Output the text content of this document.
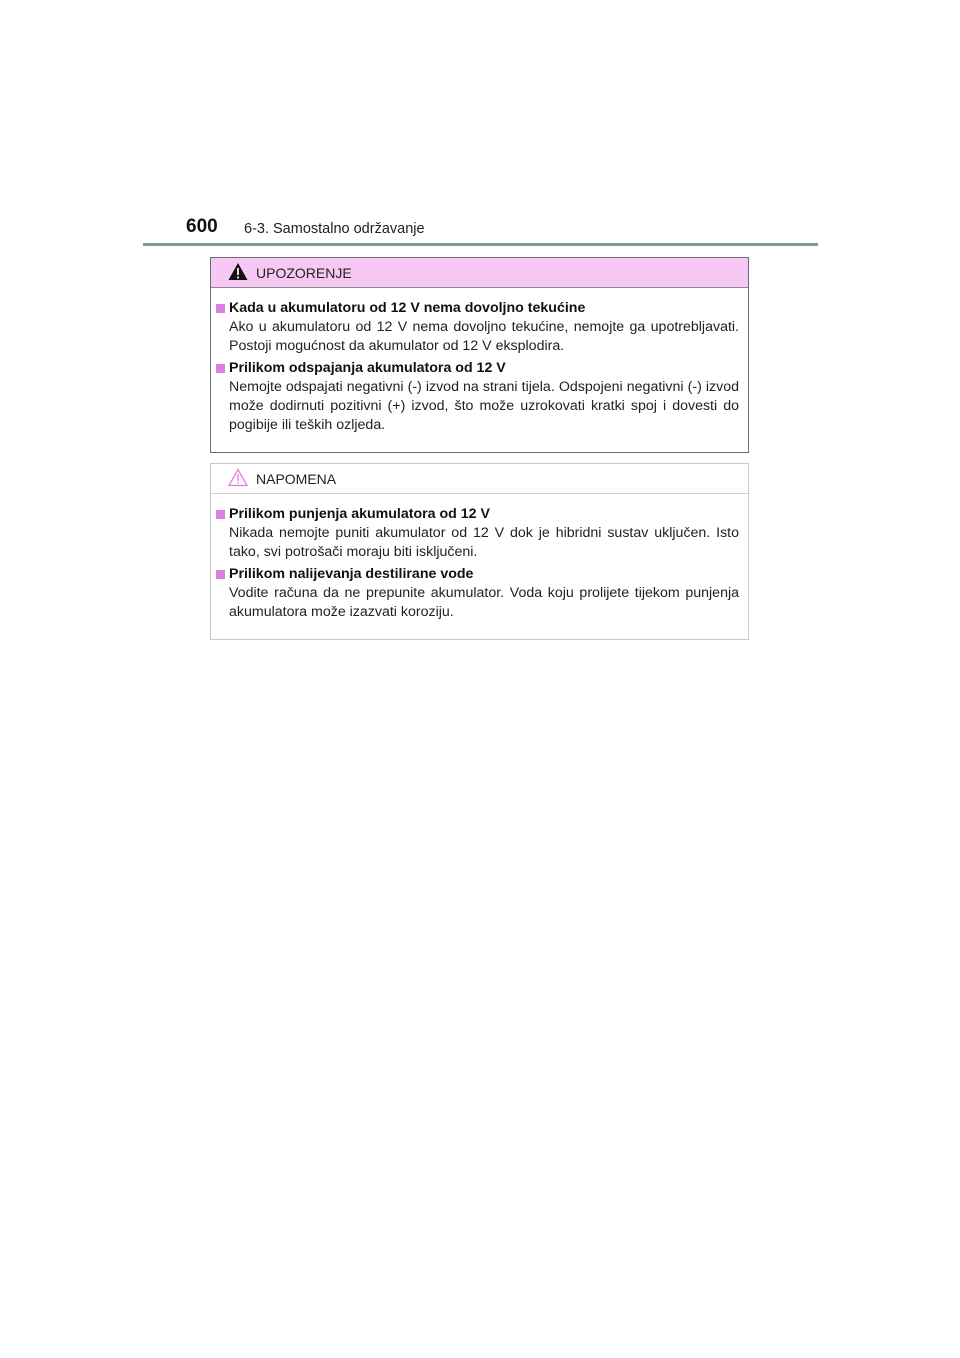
600 6-3. Samostalno održavanje
UPOZORENJE
Kada u akumulatoru od 12 V nema dovoljno tekućine
Ako u akumulatoru od 12 V nema dovoljno tekućine, nemojte ga upotrebljavati. Postoji mogućnost da akumulator od 12 V eksplodira.
Prilikom odspajanja akumulatora od 12 V
Nemojte odspajati negativni (-) izvod na strani tijela. Odspojeni negativni (-) izvod može dodirnuti pozitivni (+) izvod, što može uzrokovati kratki spoj i dovesti do pogibije ili teških ozljeda.
NAPOMENA
Prilikom punjenja akumulatora od 12 V
Nikada nemojte puniti akumulator od 12 V dok je hibridni sustav uključen. Isto tako, svi potrošači moraju biti isključeni.
Prilikom nalijevanja destilirane vode
Vodite računa da ne prepunite akumulator. Voda koju prolijete tijekom punjenja akumulatora može izazvati koroziju.
